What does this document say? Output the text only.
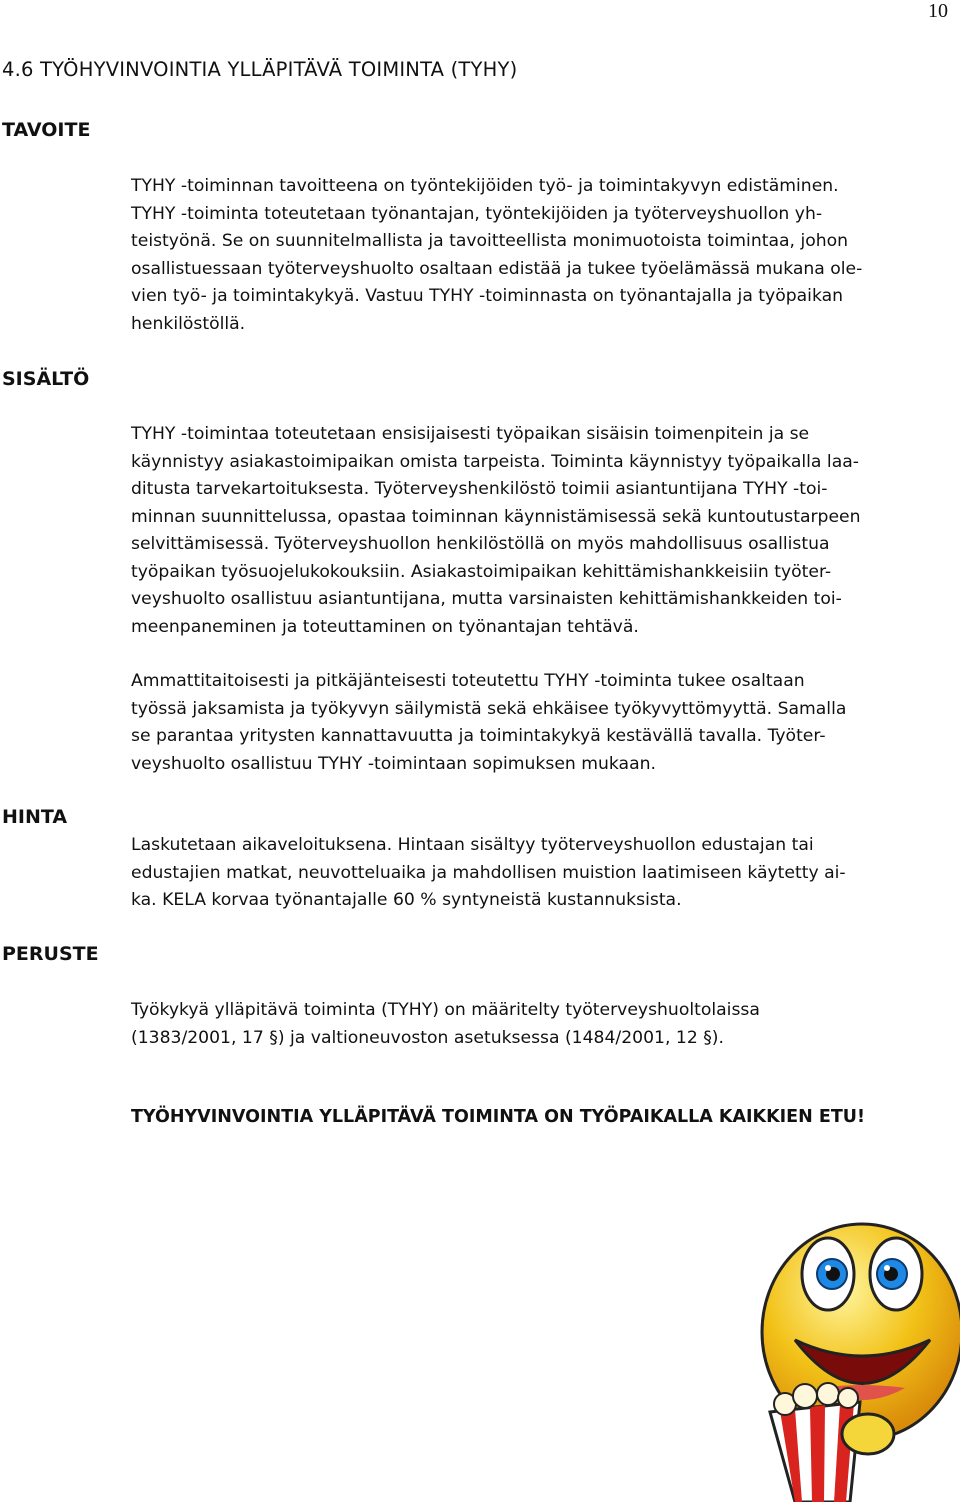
10
4.6 TYÖHYVINVOINTIA YLLÄPITÄVÄ TOIMINTA (TYHY)
TAVOITE

TYHY -toiminnan tavoitteena on työntekijöiden työ- ja toimintakyvyn edistäminen.
TYHY -toiminta toteutetaan työnantajan, työntekijöiden ja työterveyshuollon yh-
teistyönä. Se on suunnitelmallista ja tavoitteellista monimuotoista toimintaa, johon
osallistuessaan työterveyshuolto osaltaan edistää ja tukee työelämässä mukana ole-
vien työ- ja toimintakykyä. Vastuu TYHY -toiminnasta on työnantajalla ja työpaikan
henkilöstöllä.

SISÄLTÖ

TYHY -toimintaa toteutetaan ensisijaisesti työpaikan sisäisin toimenpitein ja se
käynnistyy asiakastoimipaikan omista tarpeista. Toiminta käynnistyy työpaikalla laa-
ditusta tarvekartoituksesta. Työterveyshenkilöstö toimii asiantuntijana TYHY -toi-
minnan suunnittelussa, opastaa toiminnan käynnistämisessä sekä kuntoutustarpeen
selvittämisessä. Työterveyshuollon henkilöstöllä on myös mahdollisuus osallistua
työpaikan työsuojelukokouksiin. Asiakastoimipaikan kehittämishankkeisiin työter-
veyshuolto osallistuu asiantuntijana, mutta varsinaisten kehittämishankkeiden toi-
meenpaneminen ja toteuttaminen on työnantajan tehtävä.

Ammattitaitoisesti ja pitkäjänteisesti toteutettu TYHY -toiminta tukee osaltaan
työssä jaksamista ja työkyvyn säilymistä sekä ehkäisee työkyvyttömyyttä. Samalla
se parantaa yritysten kannattavuutta ja toimintakykyä kestävällä tavalla. Työter-
veyshuolto osallistuu TYHY -toimintaan sopimuksen mukaan.

HINTA

Laskutetaan aikaveloituksena. Hintaan sisältyy työterveyshuollon edustajan tai
edustajien matkat, neuvotteluaika ja mahdollisen muistion laatimiseen käytetty ai-
ka. KELA korvaa työnantajalle 60 % syntyneistä kustannuksista.

PERUSTE

Työkykyä ylläpitävä toiminta (TYHY) on määritelty työterveyshuoltolaissa
(1383/2001, 17 §) ja valtioneuvoston asetuksessa (1484/2001, 12 §).

TYÖHYVINVOINTIA YLLÄPITÄVÄ TOIMINTA ON TYÖPAIKALLA KAIKKIEN ETU!
